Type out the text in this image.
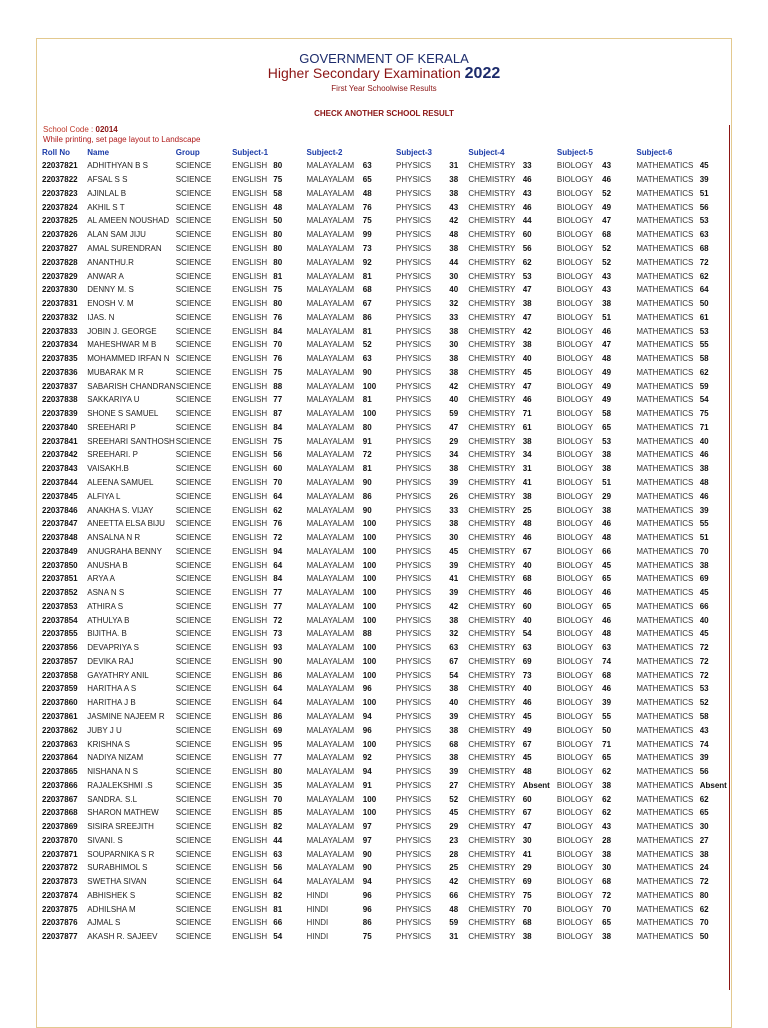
GOVERNMENT OF KERALA
Higher Secondary Examination 2022
First Year Schoolwise Results
CHECK ANOTHER SCHOOL RESULT
School Code : 02014
While printing, set page layout to Landscape
Roll No	Name	Group	Subject-1		Subject-2		Subject-3		Subject-4		Subject-5		Subject-6	
22037821	ADHITHYAN B S	SCIENCE	ENGLISH	80	MALAYALAM	63	PHYSICS	31	CHEMISTRY	33	BIOLOGY	43	MATHEMATICS	45
22037822	AFSAL S S	SCIENCE	ENGLISH	75	MALAYALAM	65	PHYSICS	38	CHEMISTRY	46	BIOLOGY	46	MATHEMATICS	39
22037823	AJINLAL B	SCIENCE	ENGLISH	58	MALAYALAM	48	PHYSICS	38	CHEMISTRY	43	BIOLOGY	52	MATHEMATICS	51
22037824	AKHIL S T	SCIENCE	ENGLISH	48	MALAYALAM	76	PHYSICS	43	CHEMISTRY	46	BIOLOGY	49	MATHEMATICS	56
22037825	AL AMEEN NOUSHAD	SCIENCE	ENGLISH	50	MALAYALAM	75	PHYSICS	42	CHEMISTRY	44	BIOLOGY	47	MATHEMATICS	53
22037826	ALAN SAM JIJU	SCIENCE	ENGLISH	80	MALAYALAM	99	PHYSICS	48	CHEMISTRY	60	BIOLOGY	68	MATHEMATICS	63
22037827	AMAL SURENDRAN	SCIENCE	ENGLISH	80	MALAYALAM	73	PHYSICS	38	CHEMISTRY	56	BIOLOGY	52	MATHEMATICS	68
22037828	ANANTHU.R	SCIENCE	ENGLISH	80	MALAYALAM	92	PHYSICS	44	CHEMISTRY	62	BIOLOGY	52	MATHEMATICS	72
22037829	ANWAR A	SCIENCE	ENGLISH	81	MALAYALAM	81	PHYSICS	30	CHEMISTRY	53	BIOLOGY	43	MATHEMATICS	62
22037830	DENNY M. S	SCIENCE	ENGLISH	75	MALAYALAM	68	PHYSICS	40	CHEMISTRY	47	BIOLOGY	43	MATHEMATICS	64
22037831	ENOSH V. M	SCIENCE	ENGLISH	80	MALAYALAM	67	PHYSICS	32	CHEMISTRY	38	BIOLOGY	38	MATHEMATICS	50
22037832	IJAS. N	SCIENCE	ENGLISH	76	MALAYALAM	86	PHYSICS	33	CHEMISTRY	47	BIOLOGY	51	MATHEMATICS	61
22037833	JOBIN J. GEORGE	SCIENCE	ENGLISH	84	MALAYALAM	81	PHYSICS	38	CHEMISTRY	42	BIOLOGY	46	MATHEMATICS	53
22037834	MAHESHWAR M B	SCIENCE	ENGLISH	70	MALAYALAM	52	PHYSICS	30	CHEMISTRY	38	BIOLOGY	47	MATHEMATICS	55
22037835	MOHAMMED IRFAN N	SCIENCE	ENGLISH	76	MALAYALAM	63	PHYSICS	38	CHEMISTRY	40	BIOLOGY	48	MATHEMATICS	58
22037836	MUBARAK M R	SCIENCE	ENGLISH	75	MALAYALAM	90	PHYSICS	38	CHEMISTRY	45	BIOLOGY	49	MATHEMATICS	62
22037837	SABARISH CHANDRAN	SCIENCE	ENGLISH	88	MALAYALAM	100	PHYSICS	42	CHEMISTRY	47	BIOLOGY	49	MATHEMATICS	59
22037838	SAKKARIYA U	SCIENCE	ENGLISH	77	MALAYALAM	81	PHYSICS	40	CHEMISTRY	46	BIOLOGY	49	MATHEMATICS	54
22037839	SHONE S SAMUEL	SCIENCE	ENGLISH	87	MALAYALAM	100	PHYSICS	59	CHEMISTRY	71	BIOLOGY	58	MATHEMATICS	75
22037840	SREEHARI P	SCIENCE	ENGLISH	84	MALAYALAM	80	PHYSICS	47	CHEMISTRY	61	BIOLOGY	65	MATHEMATICS	71
22037841	SREEHARI SANTHOSH	SCIENCE	ENGLISH	75	MALAYALAM	91	PHYSICS	29	CHEMISTRY	38	BIOLOGY	53	MATHEMATICS	40
22037842	SREEHARI. P	SCIENCE	ENGLISH	56	MALAYALAM	72	PHYSICS	34	CHEMISTRY	34	BIOLOGY	38	MATHEMATICS	46
22037843	VAISAKH.B	SCIENCE	ENGLISH	60	MALAYALAM	81	PHYSICS	38	CHEMISTRY	31	BIOLOGY	38	MATHEMATICS	38
22037844	ALEENA SAMUEL	SCIENCE	ENGLISH	70	MALAYALAM	90	PHYSICS	39	CHEMISTRY	41	BIOLOGY	51	MATHEMATICS	48
22037845	ALFIYA L	SCIENCE	ENGLISH	64	MALAYALAM	86	PHYSICS	26	CHEMISTRY	38	BIOLOGY	29	MATHEMATICS	46
22037846	ANAKHA S. VIJAY	SCIENCE	ENGLISH	62	MALAYALAM	90	PHYSICS	33	CHEMISTRY	25	BIOLOGY	38	MATHEMATICS	39
22037847	ANEETTA ELSA BIJU	SCIENCE	ENGLISH	76	MALAYALAM	100	PHYSICS	38	CHEMISTRY	48	BIOLOGY	46	MATHEMATICS	55
22037848	ANSALNA N R	SCIENCE	ENGLISH	72	MALAYALAM	100	PHYSICS	30	CHEMISTRY	46	BIOLOGY	48	MATHEMATICS	51
22037849	ANUGRAHA BENNY	SCIENCE	ENGLISH	94	MALAYALAM	100	PHYSICS	45	CHEMISTRY	67	BIOLOGY	66	MATHEMATICS	70
22037850	ANUSHA B	SCIENCE	ENGLISH	64	MALAYALAM	100	PHYSICS	39	CHEMISTRY	40	BIOLOGY	45	MATHEMATICS	38
22037851	ARYA A	SCIENCE	ENGLISH	84	MALAYALAM	100	PHYSICS	41	CHEMISTRY	68	BIOLOGY	65	MATHEMATICS	69
22037852	ASNA N S	SCIENCE	ENGLISH	77	MALAYALAM	100	PHYSICS	39	CHEMISTRY	46	BIOLOGY	46	MATHEMATICS	45
22037853	ATHIRA S	SCIENCE	ENGLISH	77	MALAYALAM	100	PHYSICS	42	CHEMISTRY	60	BIOLOGY	65	MATHEMATICS	66
22037854	ATHULYA B	SCIENCE	ENGLISH	72	MALAYALAM	100	PHYSICS	38	CHEMISTRY	40	BIOLOGY	46	MATHEMATICS	40
22037855	BIJITHA. B	SCIENCE	ENGLISH	73	MALAYALAM	88	PHYSICS	32	CHEMISTRY	54	BIOLOGY	48	MATHEMATICS	45
22037856	DEVAPRIYA S	SCIENCE	ENGLISH	93	MALAYALAM	100	PHYSICS	63	CHEMISTRY	63	BIOLOGY	63	MATHEMATICS	72
22037857	DEVIKA RAJ	SCIENCE	ENGLISH	90	MALAYALAM	100	PHYSICS	67	CHEMISTRY	69	BIOLOGY	74	MATHEMATICS	72
22037858	GAYATHRY ANIL	SCIENCE	ENGLISH	86	MALAYALAM	100	PHYSICS	54	CHEMISTRY	73	BIOLOGY	68	MATHEMATICS	72
22037859	HARITHA A S	SCIENCE	ENGLISH	64	MALAYALAM	96	PHYSICS	38	CHEMISTRY	40	BIOLOGY	46	MATHEMATICS	53
22037860	HARITHA J B	SCIENCE	ENGLISH	64	MALAYALAM	100	PHYSICS	40	CHEMISTRY	46	BIOLOGY	39	MATHEMATICS	52
22037861	JASMINE NAJEEM R	SCIENCE	ENGLISH	86	MALAYALAM	94	PHYSICS	39	CHEMISTRY	45	BIOLOGY	55	MATHEMATICS	58
22037862	JUBY J U	SCIENCE	ENGLISH	69	MALAYALAM	96	PHYSICS	38	CHEMISTRY	49	BIOLOGY	50	MATHEMATICS	43
22037863	KRISHNA S	SCIENCE	ENGLISH	95	MALAYALAM	100	PHYSICS	68	CHEMISTRY	67	BIOLOGY	71	MATHEMATICS	74
22037864	NADIYA NIZAM	SCIENCE	ENGLISH	77	MALAYALAM	92	PHYSICS	38	CHEMISTRY	45	BIOLOGY	65	MATHEMATICS	39
22037865	NISHANA N S	SCIENCE	ENGLISH	80	MALAYALAM	94	PHYSICS	39	CHEMISTRY	48	BIOLOGY	62	MATHEMATICS	56
22037866	RAJALEKSHMI .S	SCIENCE	ENGLISH	35	MALAYALAM	91	PHYSICS	27	CHEMISTRY	Absent	BIOLOGY	38	MATHEMATICS	Absent
22037867	SANDRA. S.L	SCIENCE	ENGLISH	70	MALAYALAM	100	PHYSICS	52	CHEMISTRY	60	BIOLOGY	62	MATHEMATICS	62
22037868	SHARON MATHEW	SCIENCE	ENGLISH	85	MALAYALAM	100	PHYSICS	45	CHEMISTRY	67	BIOLOGY	62	MATHEMATICS	65
22037869	SISIRA SREEJITH	SCIENCE	ENGLISH	82	MALAYALAM	97	PHYSICS	29	CHEMISTRY	47	BIOLOGY	43	MATHEMATICS	30
22037870	SIVANI. S	SCIENCE	ENGLISH	44	MALAYALAM	97	PHYSICS	23	CHEMISTRY	30	BIOLOGY	28	MATHEMATICS	27
22037871	SOUPARNIKA S R	SCIENCE	ENGLISH	63	MALAYALAM	90	PHYSICS	28	CHEMISTRY	41	BIOLOGY	38	MATHEMATICS	38
22037872	SURABHIMOL S	SCIENCE	ENGLISH	56	MALAYALAM	90	PHYSICS	25	CHEMISTRY	29	BIOLOGY	30	MATHEMATICS	24
22037873	SWETHA SIVAN	SCIENCE	ENGLISH	64	MALAYALAM	94	PHYSICS	42	CHEMISTRY	69	BIOLOGY	68	MATHEMATICS	72
22037874	ABHISHEK S	SCIENCE	ENGLISH	82	HINDI	96	PHYSICS	66	CHEMISTRY	75	BIOLOGY	72	MATHEMATICS	80
22037875	ADHILSHA M	SCIENCE	ENGLISH	81	HINDI	96	PHYSICS	48	CHEMISTRY	70	BIOLOGY	70	MATHEMATICS	62
22037876	AJMAL S	SCIENCE	ENGLISH	66	HINDI	86	PHYSICS	59	CHEMISTRY	68	BIOLOGY	65	MATHEMATICS	70
22037877	AKASH R. SAJEEV	SCIENCE	ENGLISH	54	HINDI	75	PHYSICS	31	CHEMISTRY	38	BIOLOGY	38	MATHEMATICS	50
